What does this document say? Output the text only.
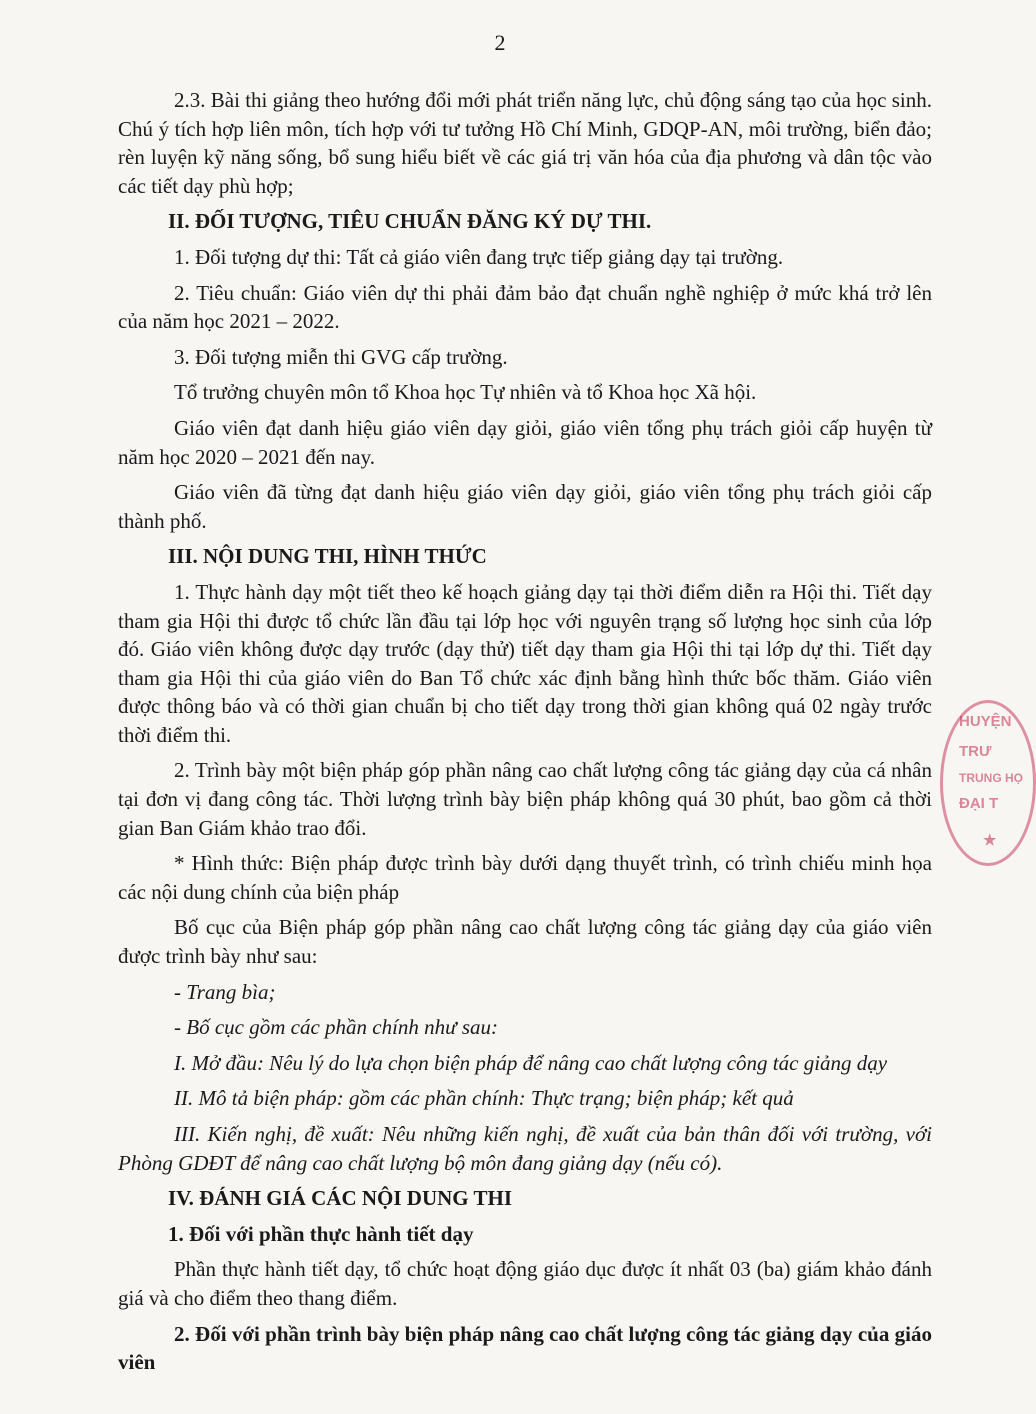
2

2.3. Bài thi giảng theo hướng đổi mới phát triển năng lực, chủ động sáng tạo của học sinh. Chú ý tích hợp liên môn, tích hợp với tư tưởng Hồ Chí Minh, GDQP-AN, môi trường, biển đảo; rèn luyện kỹ năng sống, bổ sung hiểu biết về các giá trị văn hóa của địa phương và dân tộc vào các tiết dạy phù hợp;

II. ĐỐI TƯỢNG, TIÊU CHUẨN ĐĂNG KÝ DỰ THI.

1. Đối tượng dự thi: Tất cả giáo viên đang trực tiếp giảng dạy tại trường.

2. Tiêu chuẩn: Giáo viên dự thi phải đảm bảo đạt chuẩn nghề nghiệp ở mức khá trở lên của năm học 2021 – 2022.

3. Đối tượng miễn thi GVG cấp trường.

Tổ trưởng chuyên môn tổ Khoa học Tự nhiên và tổ Khoa học Xã hội.

Giáo viên đạt danh hiệu giáo viên dạy giỏi, giáo viên tổng phụ trách giỏi cấp huyện từ năm học 2020 – 2021 đến nay.

Giáo viên đã từng đạt danh hiệu giáo viên dạy giỏi, giáo viên tổng phụ trách giỏi cấp thành phố.

III. NỘI DUNG THI, HÌNH THỨC

1. Thực hành dạy một tiết theo kế hoạch giảng dạy tại thời điểm diễn ra Hội thi. Tiết dạy tham gia Hội thi được tổ chức lần đầu tại lớp học với nguyên trạng số lượng học sinh của lớp đó. Giáo viên không được dạy trước (dạy thử) tiết dạy tham gia Hội thi tại lớp dự thi. Tiết dạy tham gia Hội thi của giáo viên do Ban Tổ chức xác định bằng hình thức bốc thăm. Giáo viên được thông báo và có thời gian chuẩn bị cho tiết dạy trong thời gian không quá 02 ngày trước thời điểm thi.

2. Trình bày một biện pháp góp phần nâng cao chất lượng công tác giảng dạy của cá nhân tại đơn vị đang công tác. Thời lượng trình bày biện pháp không quá 30 phút, bao gồm cả thời gian Ban Giám khảo trao đổi.

* Hình thức: Biện pháp được trình bày dưới dạng thuyết trình, có trình chiếu minh họa các nội dung chính của biện pháp

Bố cục của Biện pháp góp phần nâng cao chất lượng công tác giảng dạy của giáo viên được trình bày như sau:

- Trang bìa;

- Bố cục gồm các phần chính như sau:

I. Mở đầu: Nêu lý do lựa chọn biện pháp để nâng cao chất lượng công tác giảng dạy

II. Mô tả biện pháp: gồm các phần chính: Thực trạng; biện pháp; kết quả

III. Kiến nghị, đề xuất: Nêu những kiến nghị, đề xuất của bản thân đối với trường, với Phòng GDĐT để nâng cao chất lượng bộ môn đang giảng dạy (nếu có).

IV. ĐÁNH GIÁ CÁC NỘI DUNG THI

1. Đối với phần thực hành tiết dạy

Phần thực hành tiết dạy, tổ chức hoạt động giáo dục được ít nhất 03 (ba) giám khảo đánh giá và cho điểm theo thang điểm.

2. Đối với phần trình bày biện pháp nâng cao chất lượng công tác giảng dạy của giáo viên

HUYỆN
TRƯ
TRUNG HỌ
ĐẠI T
★
